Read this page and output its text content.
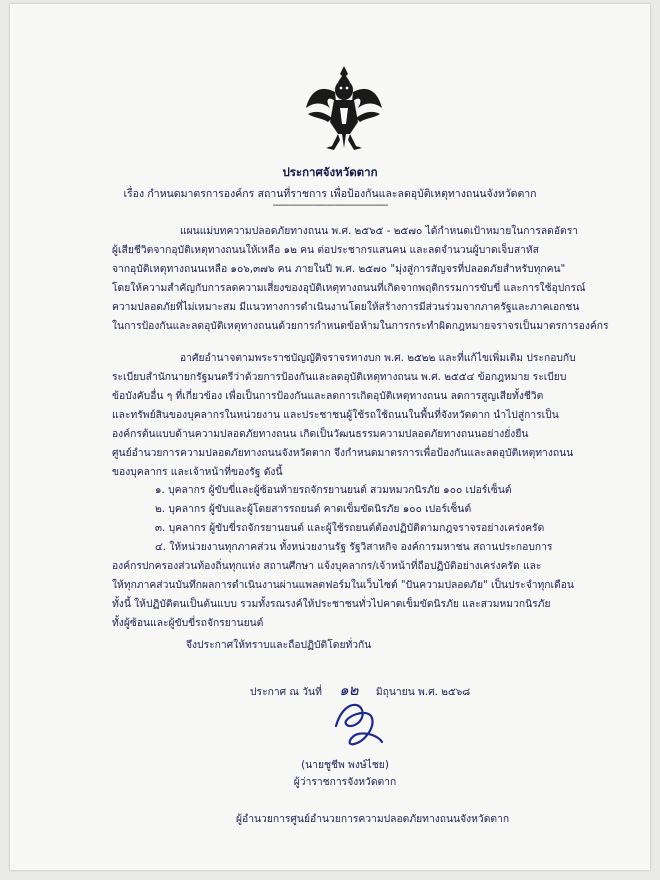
ประกาศจังหวัดตาก
เรื่อง กำหนดมาตรการองค์กร สถานที่ราชการ เพื่อป้องกันและลดอุบัติเหตุทางถนนจังหวัดตาก
--------------------------------------------
แผนแม่บทความปลอดภัยทางถนน พ.ศ. ๒๕๖๕ - ๒๕๗๐ ได้กำหนดเป้าหมายในการลดอัตรา
ผู้เสียชีวิตจากอุบัติเหตุทางถนนให้เหลือ ๑๒ คน ต่อประชากรแสนคน และลดจำนวนผู้บาดเจ็บสาหัส
จากอุบัติเหตุทางถนนเหลือ ๑๐๖,๓๗๖ คน ภายในปี พ.ศ. ๒๕๗๐ "มุ่งสู่การสัญจรที่ปลอดภัยสำหรับทุกคน"
โดยให้ความสำคัญกับการลดความเสี่ยงของอุบัติเหตุทางถนนที่เกิดจากพฤติกรรมการขับขี่ และการใช้อุปกรณ์
ความปลอดภัยที่ไม่เหมาะสม มีแนวทางการดำเนินงานโดยให้สร้างการมีส่วนร่วมจากภาครัฐและภาคเอกชน
ในการป้องกันและลดอุบัติเหตุทางถนนด้วยการกำหนดข้อห้ามในการกระทำผิดกฎหมายจราจรเป็นมาตรการองค์กร
อาศัยอำนาจตามพระราชบัญญัติจราจรทางบก พ.ศ. ๒๕๒๒ และที่แก้ไขเพิ่มเติม ประกอบกับ
ระเบียบสำนักนายกรัฐมนตรีว่าด้วยการป้องกันและลดอุบัติเหตุทางถนน พ.ศ. ๒๕๕๔ ข้อกฎหมาย ระเบียบ
ข้อบังคับอื่น ๆ ที่เกี่ยวข้อง เพื่อเป็นการป้องกันและลดการเกิดอุบัติเหตุทางถนน ลดการสูญเสียทั้งชีวิต
และทรัพย์สินของบุคลากรในหน่วยงาน และประชาชนผู้ใช้รถใช้ถนนในพื้นที่จังหวัดตาก นำไปสู่การเป็น
องค์กรต้นแบบด้านความปลอดภัยทางถนน เกิดเป็นวัฒนธรรมความปลอดภัยทางถนนอย่างยั่งยืน
ศูนย์อำนวยการความปลอดภัยทางถนนจังหวัดตาก จึงกำหนดมาตรการเพื่อป้องกันและลดอุบัติเหตุทางถนน
ของบุคลากร และเจ้าหน้าที่ของรัฐ ดังนี้
๑. บุคลากร ผู้ขับขี่และผู้ซ้อนท้ายรถจักรยานยนต์ สวมหมวกนิรภัย ๑๐๐ เปอร์เซ็นต์
๒. บุคลากร ผู้ขับและผู้โดยสารรถยนต์ คาดเข็มขัดนิรภัย ๑๐๐ เปอร์เซ็นต์
๓. บุคลากร ผู้ขับขี่รถจักรยานยนต์ และผู้ใช้รถยนต์ต้องปฏิบัติตามกฎจราจรอย่างเคร่งครัด
๔. ให้หน่วยงานทุกภาคส่วน ทั้งหน่วยงานรัฐ รัฐวิสาหกิจ องค์การมหาชน สถานประกอบการ
องค์กรปกครองส่วนท้องถิ่นทุกแห่ง สถานศึกษา แจ้งบุคลากร/เจ้าหน้าที่ถือปฏิบัติอย่างเคร่งครัด และ
ให้ทุกภาคส่วนบันทึกผลการดำเนินงานผ่านแพลตฟอร์มในเว็บไซต์ "ปันความปลอดภัย" เป็นประจำทุกเดือน
ทั้งนี้ ให้ปฏิบัติตนเป็นต้นแบบ รวมทั้งรณรงค์ให้ประชาชนทั่วไปคาดเข็มขัดนิรภัย และสวมหมวกนิรภัย
ทั้งผู้ซ้อนและผู้ขับขี่รถจักรยานยนต์
จึงประกาศให้ทราบและถือปฏิบัติโดยทั่วกัน
ประกาศ ณ วันที่ ๑๒ มิถุนายน พ.ศ. ๒๕๖๘
(นายชูชีพ พงษ์ไชย)
ผู้ว่าราชการจังหวัดตาก
ผู้อำนวยการศูนย์อำนวยการความปลอดภัยทางถนนจังหวัดตาก
